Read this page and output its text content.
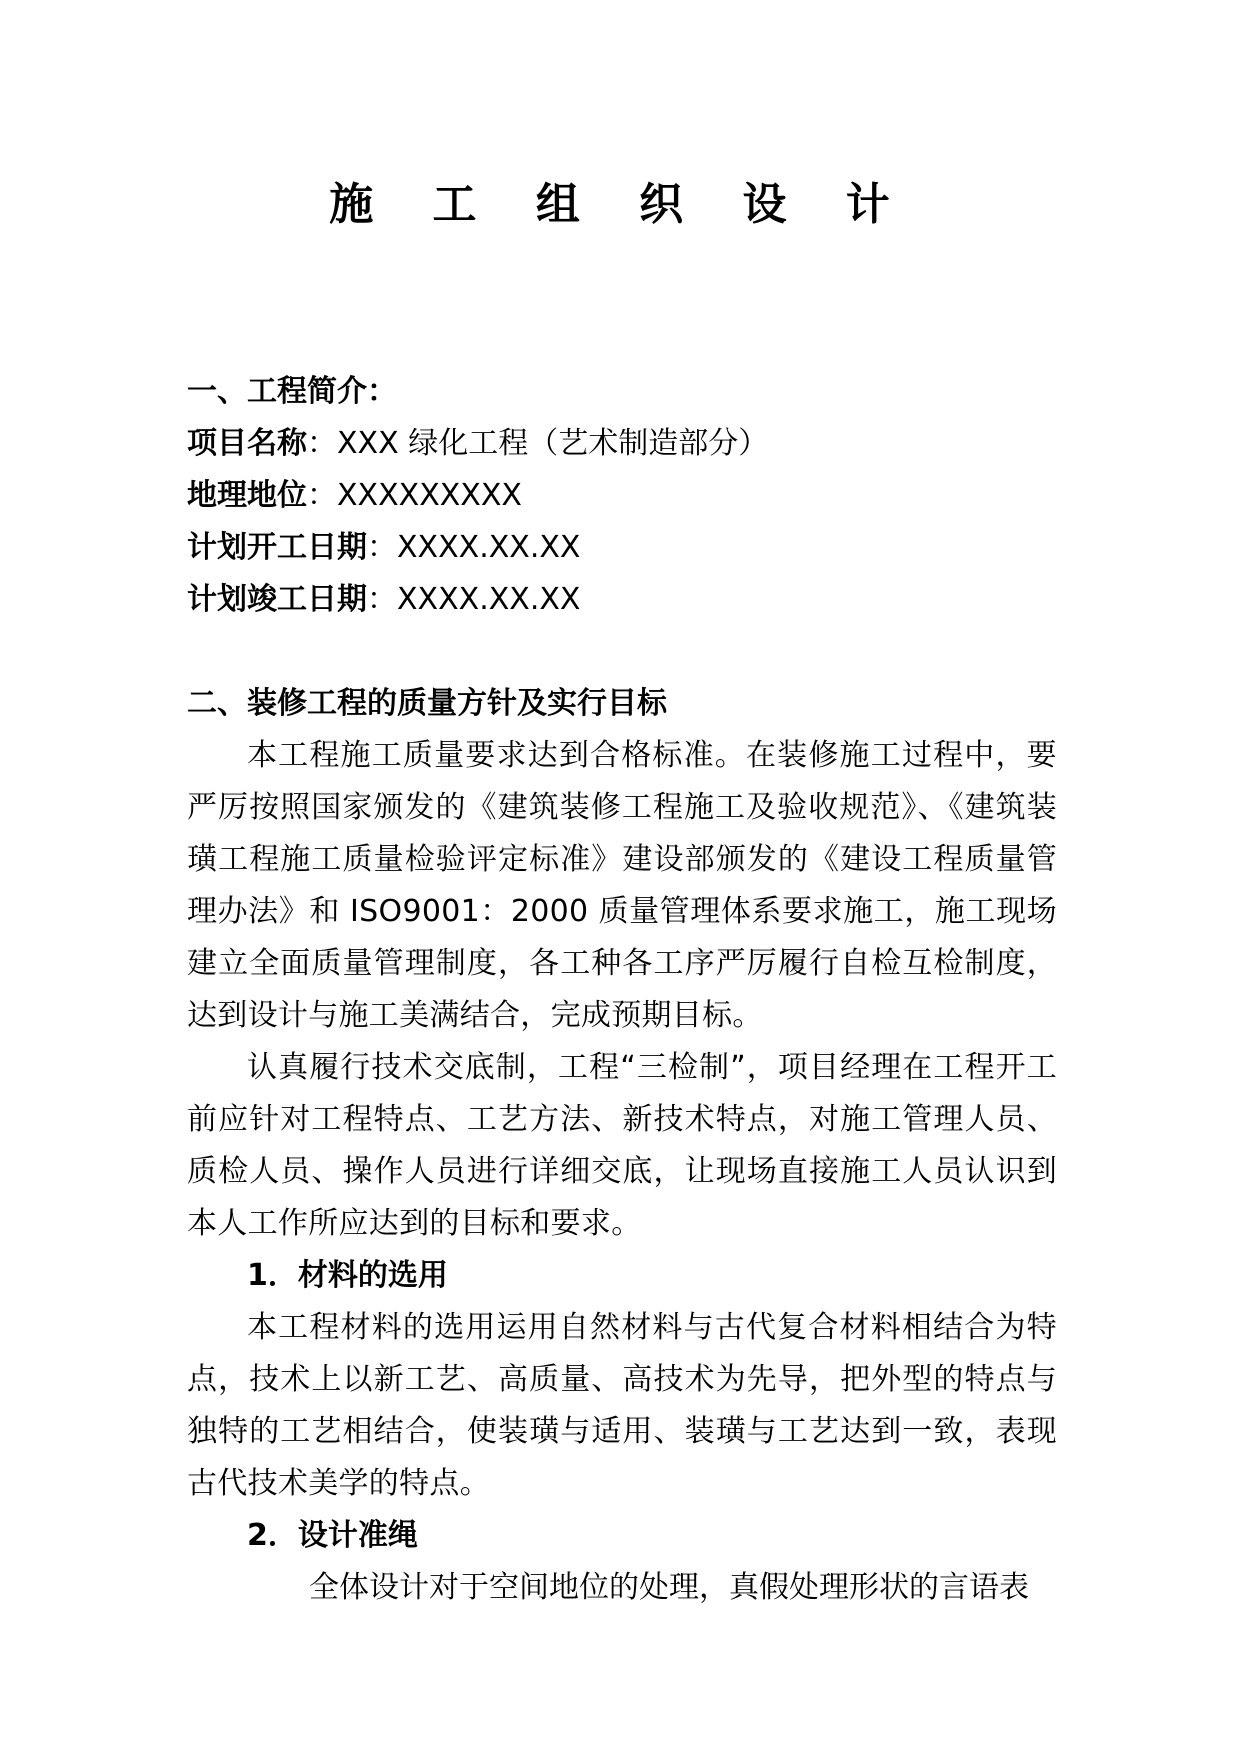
施 工 组 织 设 计

一、工程简介：

项目名称：XXX 绿化工程（艺术制造部分）

地理地位：XXXXXXXXX

计划开工日期：XXXX.XX.XX

计划竣工日期：XXXX.XX.XX

二、装修工程的质量方针及实行目标

本工程施工质量要求达到合格标准。在装修施工过程中，要严厉按照国家颁发的《建筑装修工程施工及验收规范》、《建筑装璜工程施工质量检验评定标准》建设部颁发的《建设工程质量管理办法》和 ISO9001：2000 质量管理体系要求施工，施工现场建立全面质量管理制度，各工种各工序严厉履行自检互检制度，达到设计与施工美满结合，完成预期目标。

认真履行技术交底制，工程“三检制”，项目经理在工程开工前应针对工程特点、工艺方法、新技术特点，对施工管理人员、质检人员、操作人员进行详细交底，让现场直接施工人员认识到本人工作所应达到的目标和要求。

1．材料的选用

本工程材料的选用运用自然材料与古代复合材料相结合为特点，技术上以新工艺、高质量、高技术为先导，把外型的特点与独特的工艺相结合，使装璜与适用、装璜与工艺达到一致，表现古代技术美学的特点。

2．设计准绳

全体设计对于空间地位的处理，真假处理形状的言语表
